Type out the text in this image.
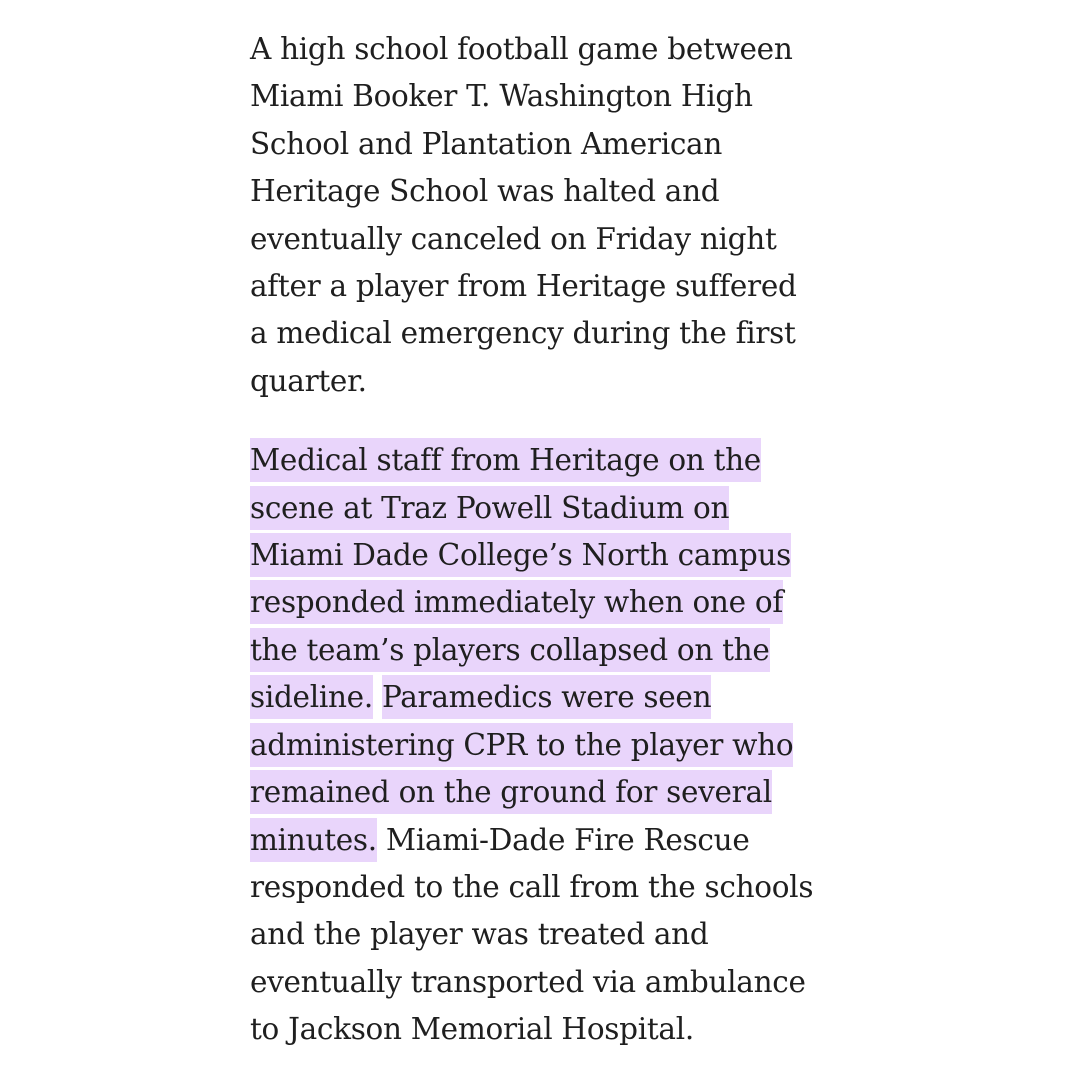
A high school football game between
Miami Booker T. Washington High
School and Plantation American
Heritage School was halted and
eventually canceled on Friday night
after a player from Heritage suffered
a medical emergency during the first
quarter.

Medical staff from Heritage on the
scene at Traz Powell Stadium on
Miami Dade College’s North campus
responded immediately when one of
the team’s players collapsed on the
sideline. Paramedics were seen
administering CPR to the player who
remained on the ground for several
minutes. Miami-Dade Fire Rescue
responded to the call from the schools
and the player was treated and
eventually transported via ambulance
to Jackson Memorial Hospital.
